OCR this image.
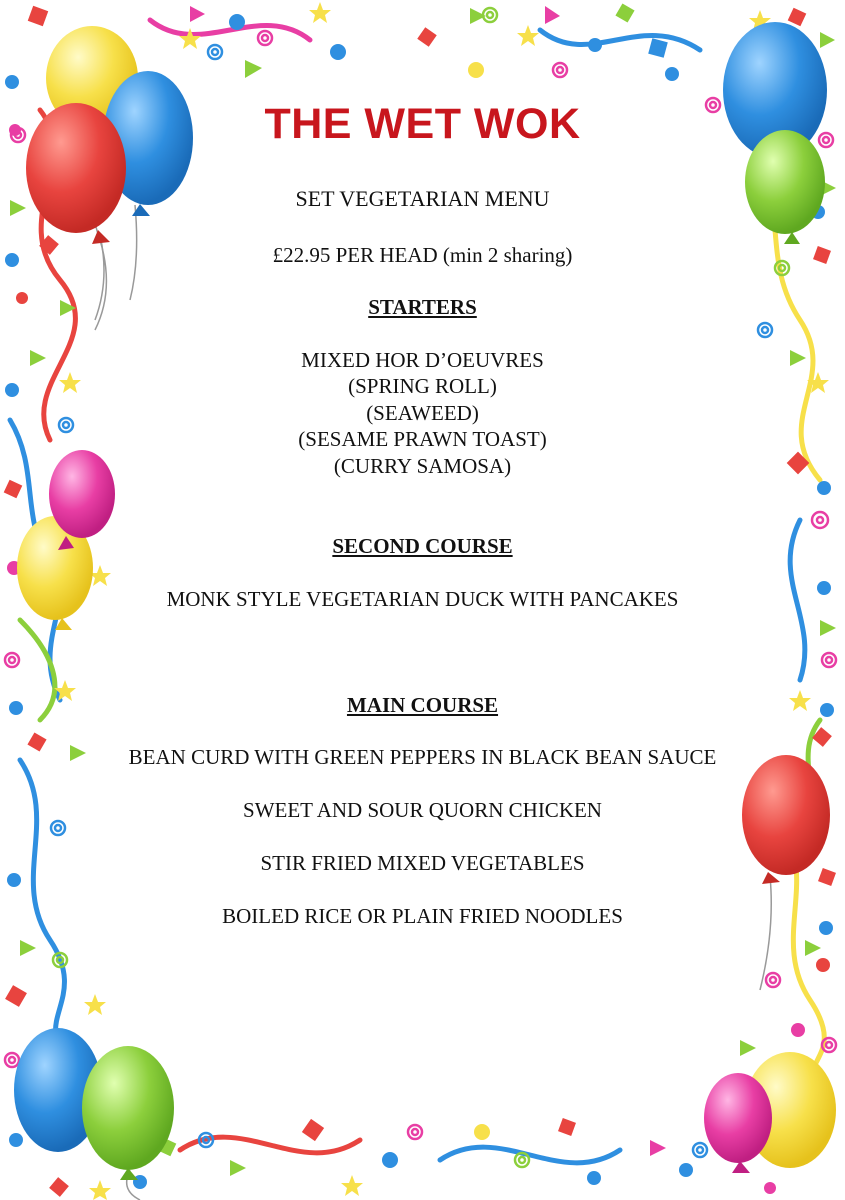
THE WET WOK
SET VEGETARIAN MENU
£22.95 PER HEAD (min 2 sharing)
STARTERS
MIXED HOR D’OEUVRES
(SPRING ROLL)
(SEAWEED)
(SESAME PRAWN TOAST)
(CURRY SAMOSA)
SECOND COURSE
MONK STYLE VEGETARIAN DUCK WITH PANCAKES
MAIN COURSE
BEAN CURD WITH GREEN PEPPERS IN BLACK BEAN SAUCE
SWEET AND SOUR QUORN CHICKEN
STIR FRIED MIXED VEGETABLES
BOILED RICE OR PLAIN FRIED NOODLES
